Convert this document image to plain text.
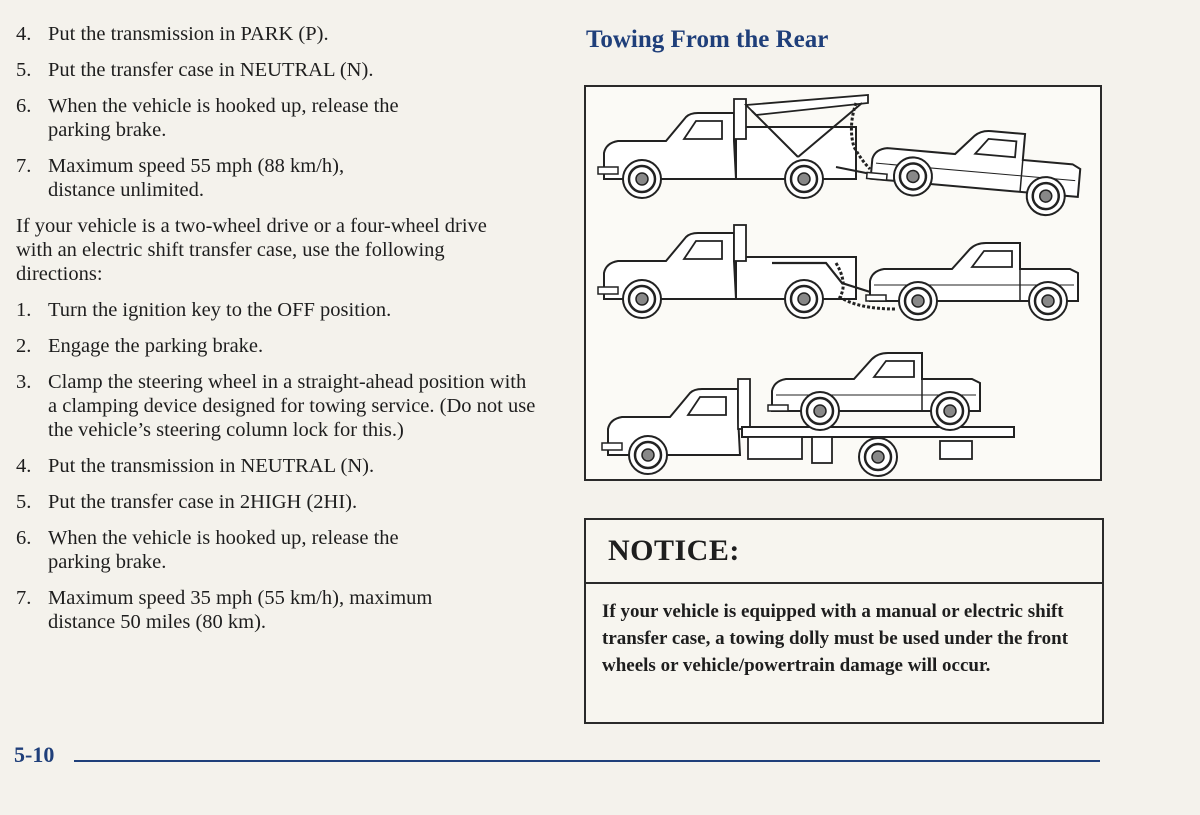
4. Put the transmission in PARK (P).
5. Put the transfer case in NEUTRAL (N).
6. When the vehicle is hooked up, release the parking brake.
7. Maximum speed 55 mph (88 km/h), distance unlimited.

If your vehicle is a two-wheel drive or a four-wheel drive with an electric shift transfer case, use the following directions:

1. Turn the ignition key to the OFF position.
2. Engage the parking brake.
3. Clamp the steering wheel in a straight-ahead position with a clamping device designed for towing service. (Do not use the vehicle’s steering column lock for this.)
4. Put the transmission in NEUTRAL (N).
5. Put the transfer case in 2HIGH (2HI).
6. When the vehicle is hooked up, release the parking brake.
7. Maximum speed 35 mph (55 km/h), maximum distance 50 miles (80 km).
Towing From the Rear
NOTICE:
If your vehicle is equipped with a manual or electric shift transfer case, a towing dolly must be used under the front wheels or vehicle/powertrain damage will occur.
5-10
